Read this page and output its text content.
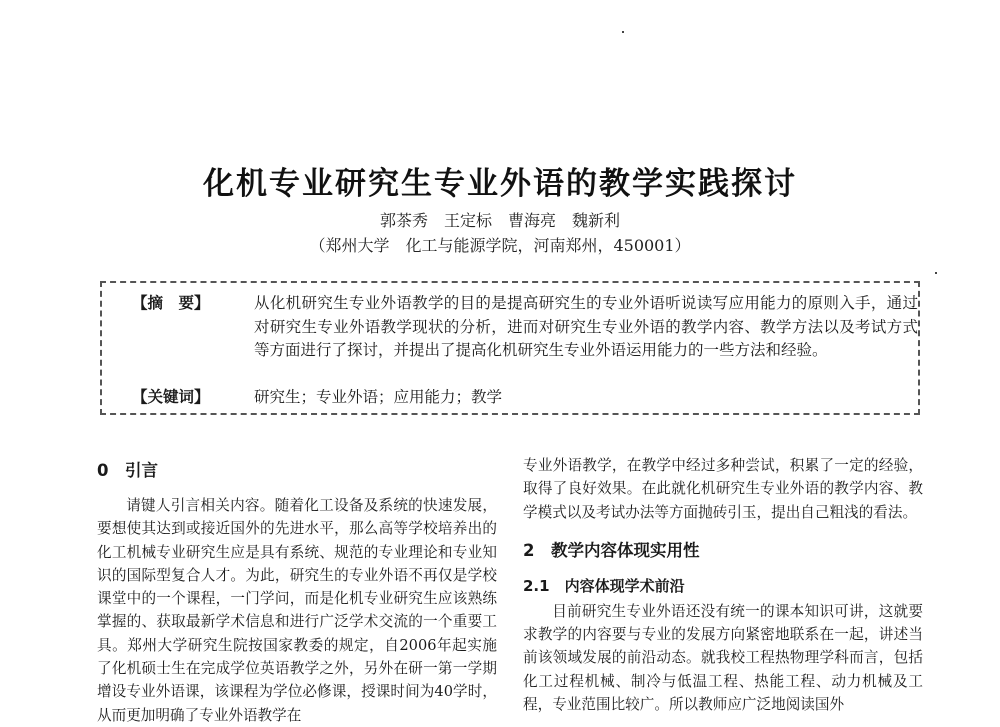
化机专业研究生专业外语的教学实践探讨
郭茶秀　王定标　曹海亮　魏新利
（郑州大学　化工与能源学院，河南郑州，450001）
【摘　要】	从化机研究生专业外语教学的目的是提高研究生的专业外语听说读写应用能力的原则入手，通过对研究生专业外语教学现状的分析，进而对研究生专业外语的教学内容、教学方法以及考试方式等方面进行了探讨，并提出了提高化机研究生专业外语运用能力的一些方法和经验。
【关键词】	研究生；专业外语；应用能力；教学
0　引言

请键人引言相关内容。随着化工设备及系统的快速发展，要想使其达到或接近国外的先进水平，那么高等学校培养出的化工机械专业研究生应是具有系统、规范的专业理论和专业知识的国际型复合人才。为此，研究生的专业外语不再仅是学校课堂中的一个课程，一门学问，而是化机专业研究生应该熟练掌握的、获取最新学术信息和进行广泛学术交流的一个重要工具。郑州大学研究生院按国家教委的规定，自2006年起实施了化机硕士生在完成学位英语教学之外，另外在研一第一学期增设专业外语课，该课程为学位必修课，授课时间为40学时，从而更加明确了专业外语教学在

专业外语教学，在教学中经过多种尝试，积累了一定的经验，取得了良好效果。在此就化机研究生专业外语的教学内容、教学模式以及考试办法等方面抛砖引玉，提出自己粗浅的看法。

2　教学内容体现实用性
2.1　内容体现学术前沿

目前研究生专业外语还没有统一的课本知识可讲，这就要求教学的内容要与专业的发展方向紧密地联系在一起，讲述当前该领域发展的前沿动态。就我校工程热物理学科而言，包括化工过程机械、制冷与低温工程、热能工程、动力机械及工程，专业范围比较广。所以教师应广泛地阅读国外
